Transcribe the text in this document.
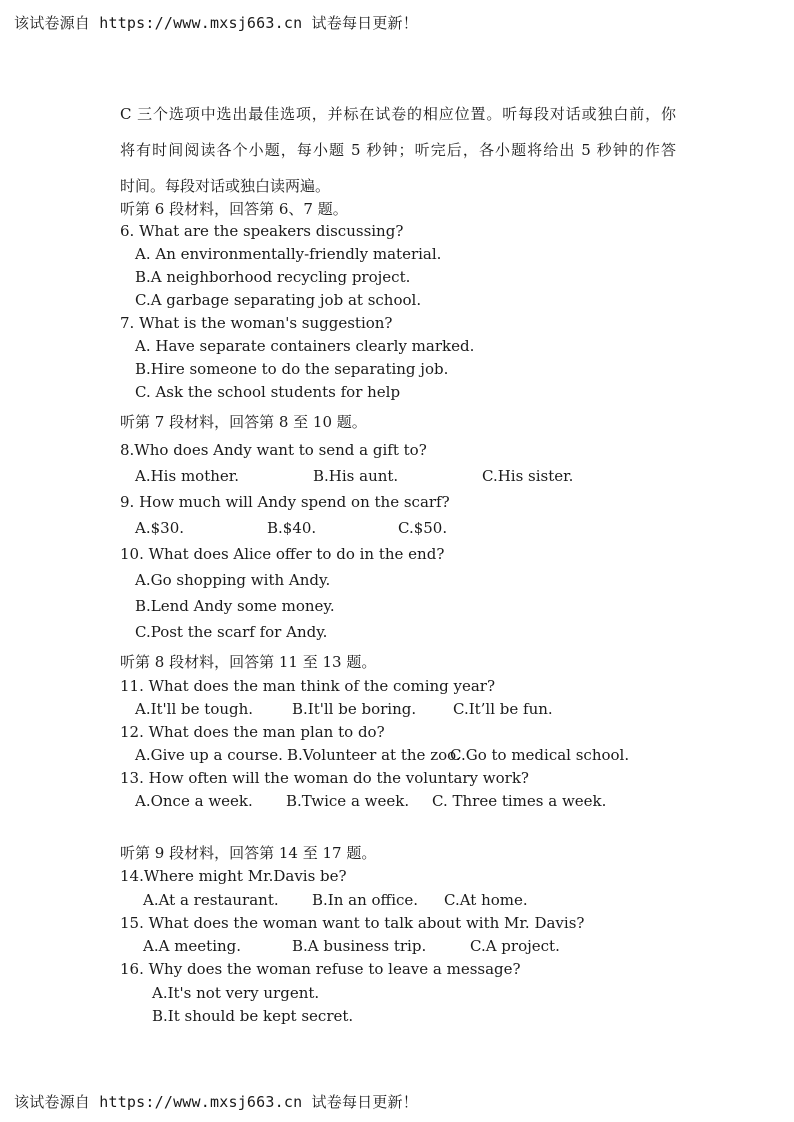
该试卷源自 https://www.mxsj663.cn 试卷每日更新！
C 三个选项中选出最佳选项，并标在试卷的相应位置。听每段对话或独白前，你
将有时间阅读各个小题，每小题 5 秒钟；听完后，各小题将给出 5 秒钟的作答
时间。每段对话或独白读两遍。
听第 6 段材料，回答第 6、7 题。
6. What are the speakers discussing?
A. An environmentally-friendly material.
B.A neighborhood recycling project.
C.A garbage separating job at school.
7. What is the woman's suggestion?
A. Have separate containers clearly marked.
B.Hire someone to do the separating job.
C. Ask the school students for help
听第 7 段材料，回答第 8 至 10 题。
8.Who does Andy want to send a gift to?
A.His mother.	B.His aunt.	C.His sister.
9. How much will Andy spend on the scarf?
A.$30.	B.$40.	C.$50.
10. What does Alice offer to do in the end?
A.Go shopping with Andy.
B.Lend Andy some money.
C.Post the scarf for Andy.
听第 8 段材料，回答第 11 至 13 题。
11. What does the man think of the coming year?
A.It'll be tough.	B.It'll be boring. C.It’ll be fun.
12. What does the man plan to do?
A.Give up a course. B.Volunteer at the zoo.
C.Go to medical school.
13. How often will the woman do the voluntary work?
A.Once a week. B.Twice a week. C. Three times a week.
听第 9 段材料，回答第 14 至 17 题。
14.Where might Mr.Davis be?
A.At a restaurant. B.In an office. C.At home.
15. What does the woman want to talk about with Mr. Davis?
A.A meeting.	B.A business trip.	C.A project.
16. Why does the woman refuse to leave a message?
A.It's not very urgent.
B.It should be kept secret.
该试卷源自 https://www.mxsj663.cn 试卷每日更新！
